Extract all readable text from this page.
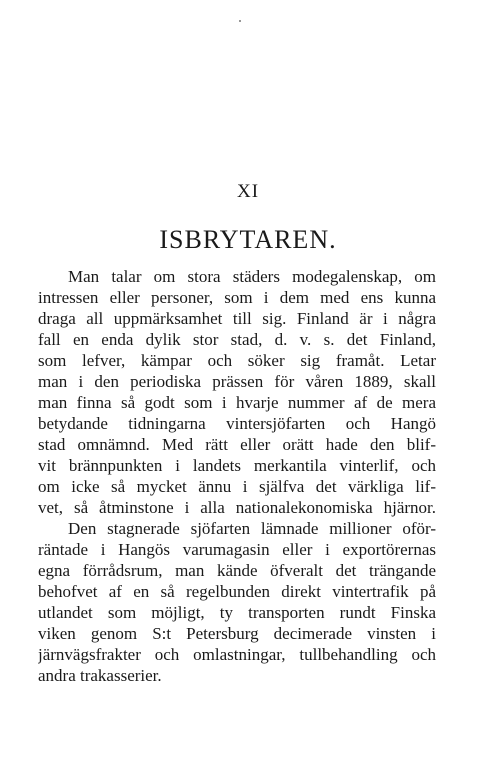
XI
ISBRYTAREN.
Man talar om stora städers modegalenskap, om
intressen eller personer, som i dem med ens kunna
draga all uppmärksamhet till sig. Finland är i några
fall en enda dylik stor stad, d. v. s. det Finland,
som lefver, kämpar och söker sig framåt. Letar
man i den periodiska prässen för våren 1889, skall
man finna så godt som i hvarje nummer af de mera
betydande tidningarna vintersjöfarten och Hangö
stad omnämnd. Med rätt eller orätt hade den blif-
vit brännpunkten i landets merkantila vinterlif, och
om icke så mycket ännu i själfva det värkliga lif-
vet, så åtminstone i alla nationalekonomiska hjärnor.
Den stagnerade sjöfarten lämnade millioner oför-
räntade i Hangös varumagasin eller i exportörernas
egna förrådsrum, man kände öfveralt det trängande
behofvet af en så regelbunden direkt vintertrafik på
utlandet som möjligt, ty transporten rundt Finska
viken genom S:t Petersburg decimerade vinsten i
järnvägsfrakter och omlastningar, tullbehandling och
andra trakasserier.
